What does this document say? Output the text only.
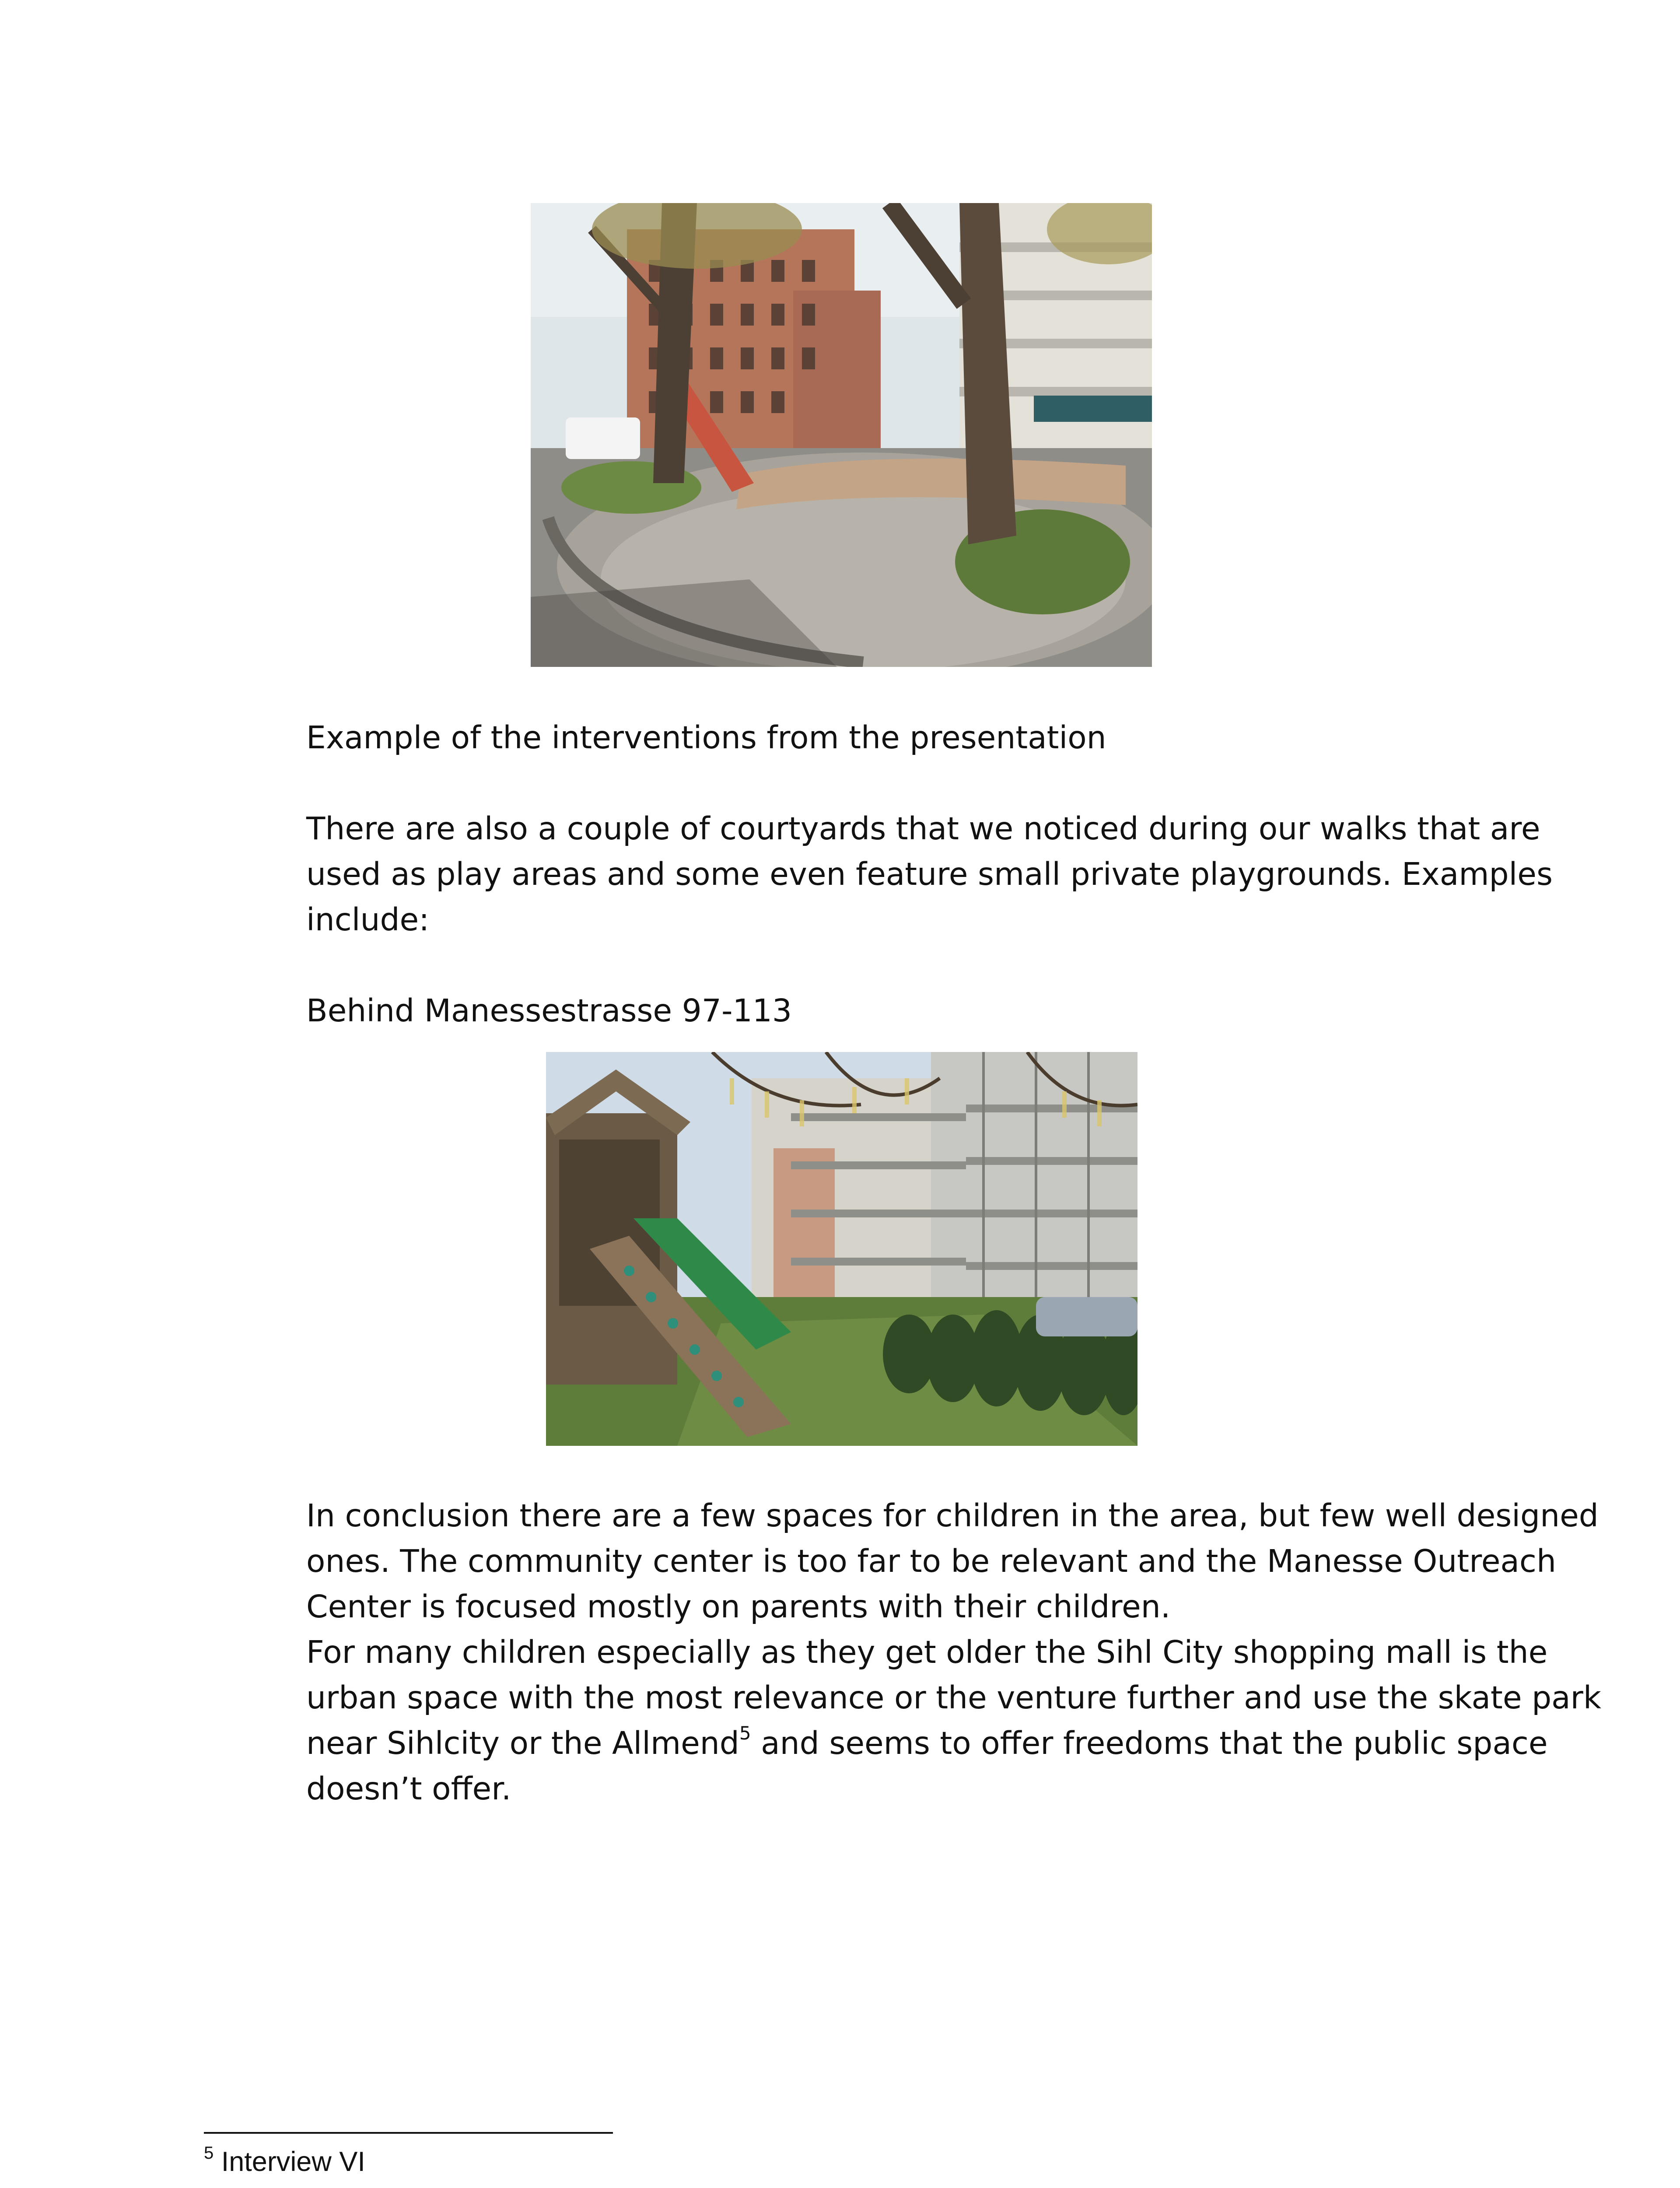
Example of the interventions from the presentation

There are also a couple of courtyards that we noticed during our walks that are
used as play areas and some even feature small private playgrounds. Examples
include:
Behind Manessestrasse 97-113
In conclusion there are a few spaces for children in the area, but few well designed
ones. The community center is too far to be relevant and the Manesse Outreach
Center is focused mostly on parents with their children.
For many children especially as they get older the Sihl City shopping mall is the
urban space with the most relevance or the venture further and use the skate park
near Sihlcity or the Allmend$^5$ and seems to offer freedoms that the public space
doesn’t offer.
$^5$ Interview VI
